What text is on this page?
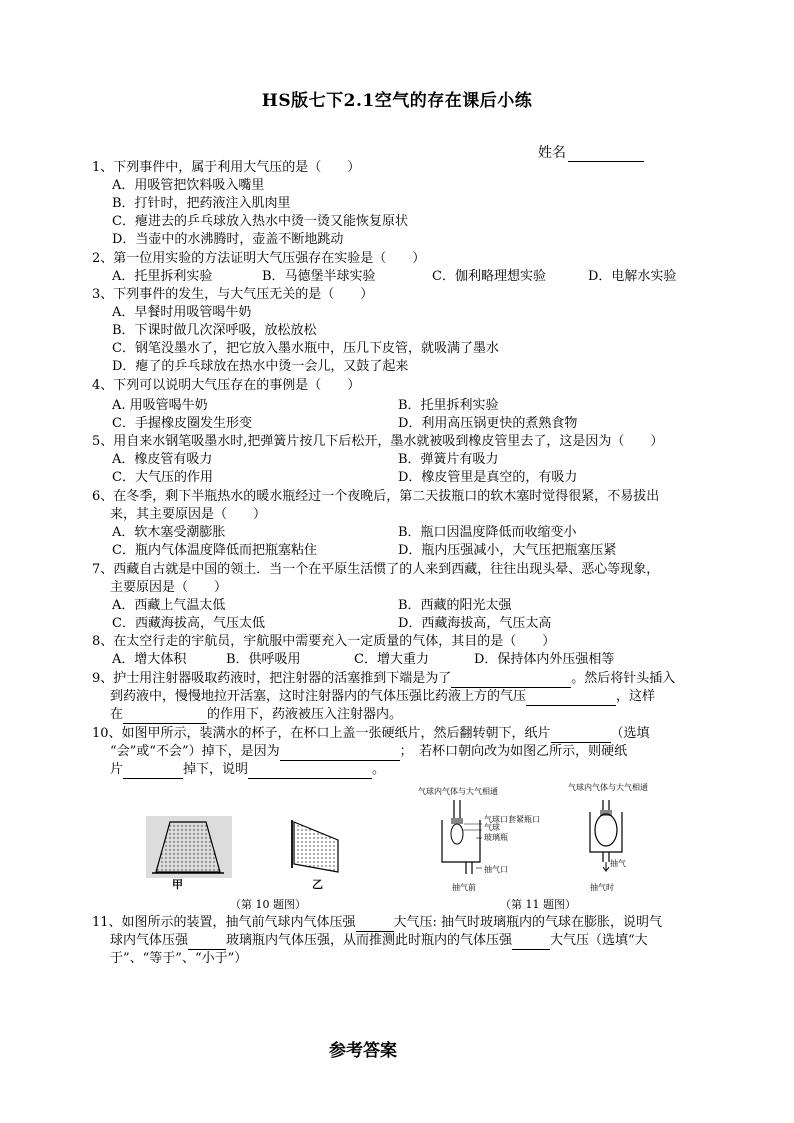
HS版七下2.1空气的存在课后小练
姓名
1、下列事件中，属于利用大气压的是（　　）
A．用吸管把饮料吸入嘴里
B．打针时，把药液注入肌肉里
C．瘪进去的乒乓球放入热水中烫一烫又能恢复原状
D．当壶中的水沸腾时，壶盖不断地跳动
2、第一位用实验的方法证明大气压强存在实验是（　　）
A．托里拆利实验	B．马德堡半球实验	C．伽利略理想实验	D．电解水实验
3、下列事件的发生，与大气压无关的是（　　）
A．早餐时用吸管喝牛奶
B．下课时做几次深呼吸，放松放松
C．钢笔没墨水了，把它放入墨水瓶中，压几下皮管，就吸满了墨水
D．瘪了的乒乓球放在热水中烫一会儿，又鼓了起来
4、下列可以说明大气压存在的事例是（　　）
A. 用吸管喝牛奶	B．托里拆利实验
C．手握橡皮圈发生形变	D．利用高压锅更快的煮熟食物
5、用自来水钢笔吸墨水时,把弹簧片按几下后松开，墨水就被吸到橡皮管里去了，这是因为（　　）
A．橡皮管有吸力	B．弹簧片有吸力
C．大气压的作用	D．橡皮管里是真空的，有吸力
6、在冬季，剩下半瓶热水的暖水瓶经过一个夜晚后，第二天拔瓶口的软木塞时觉得很紧，不易拔出
来，其主要原因是（　　）
A．软木塞受潮膨胀	B．瓶口因温度降低而收缩变小
C．瓶内气体温度降低而把瓶塞粘住	D．瓶内压强减小，大气压把瓶塞压紧
7、西藏自古就是中国的领土．当一个在平原生活惯了的人来到西藏，往往出现头晕、恶心等现象，
主要原因是（　　）
A．西藏上气温太低	B．西藏的阳光太强
C．西藏海拔高，气压太低	D．西藏海拔高，气压太高
8、在太空行走的宇航员，宇航服中需要充入一定质量的气体，其目的是（　　）
A．增大体积	B．供呼吸用	C．增大重力	D．保持体内外压强相等
9、护士用注射器吸取药液时，把注射器的活塞推到下端是为了	。然后将针头插入
到药液中，慢慢地拉开活塞，这时注射器内的气体压强比药液上方的气压	，这样
在	的作用下，药液被压入注射器内。
10、如图甲所示，装满水的杯子，在杯口上盖一张硬纸片，然后翻转朝下，纸片	（选填
“会”或“不会”）掉下，是因为	；　若杯口朝向改为如图乙所示，则硬纸
片	掉下，说明	。
甲	乙
（第 10 题图）
气球内气体与大气相通
气球口套紧瓶口
气球
玻璃瓶
抽气口
抽气前
气球内气体与大气相通
抽气
抽气时
（第 11 题图）
11、如图所示的装置，抽气前气球内气体压强	大气压: 抽气时玻璃瓶内的气球在膨胀，说明气
球内气体压强	玻璃瓶内气体压强，从而推测此时瓶内的气体压强	大气压（选填“大
于”、“等于”、“小于”）
参考答案
